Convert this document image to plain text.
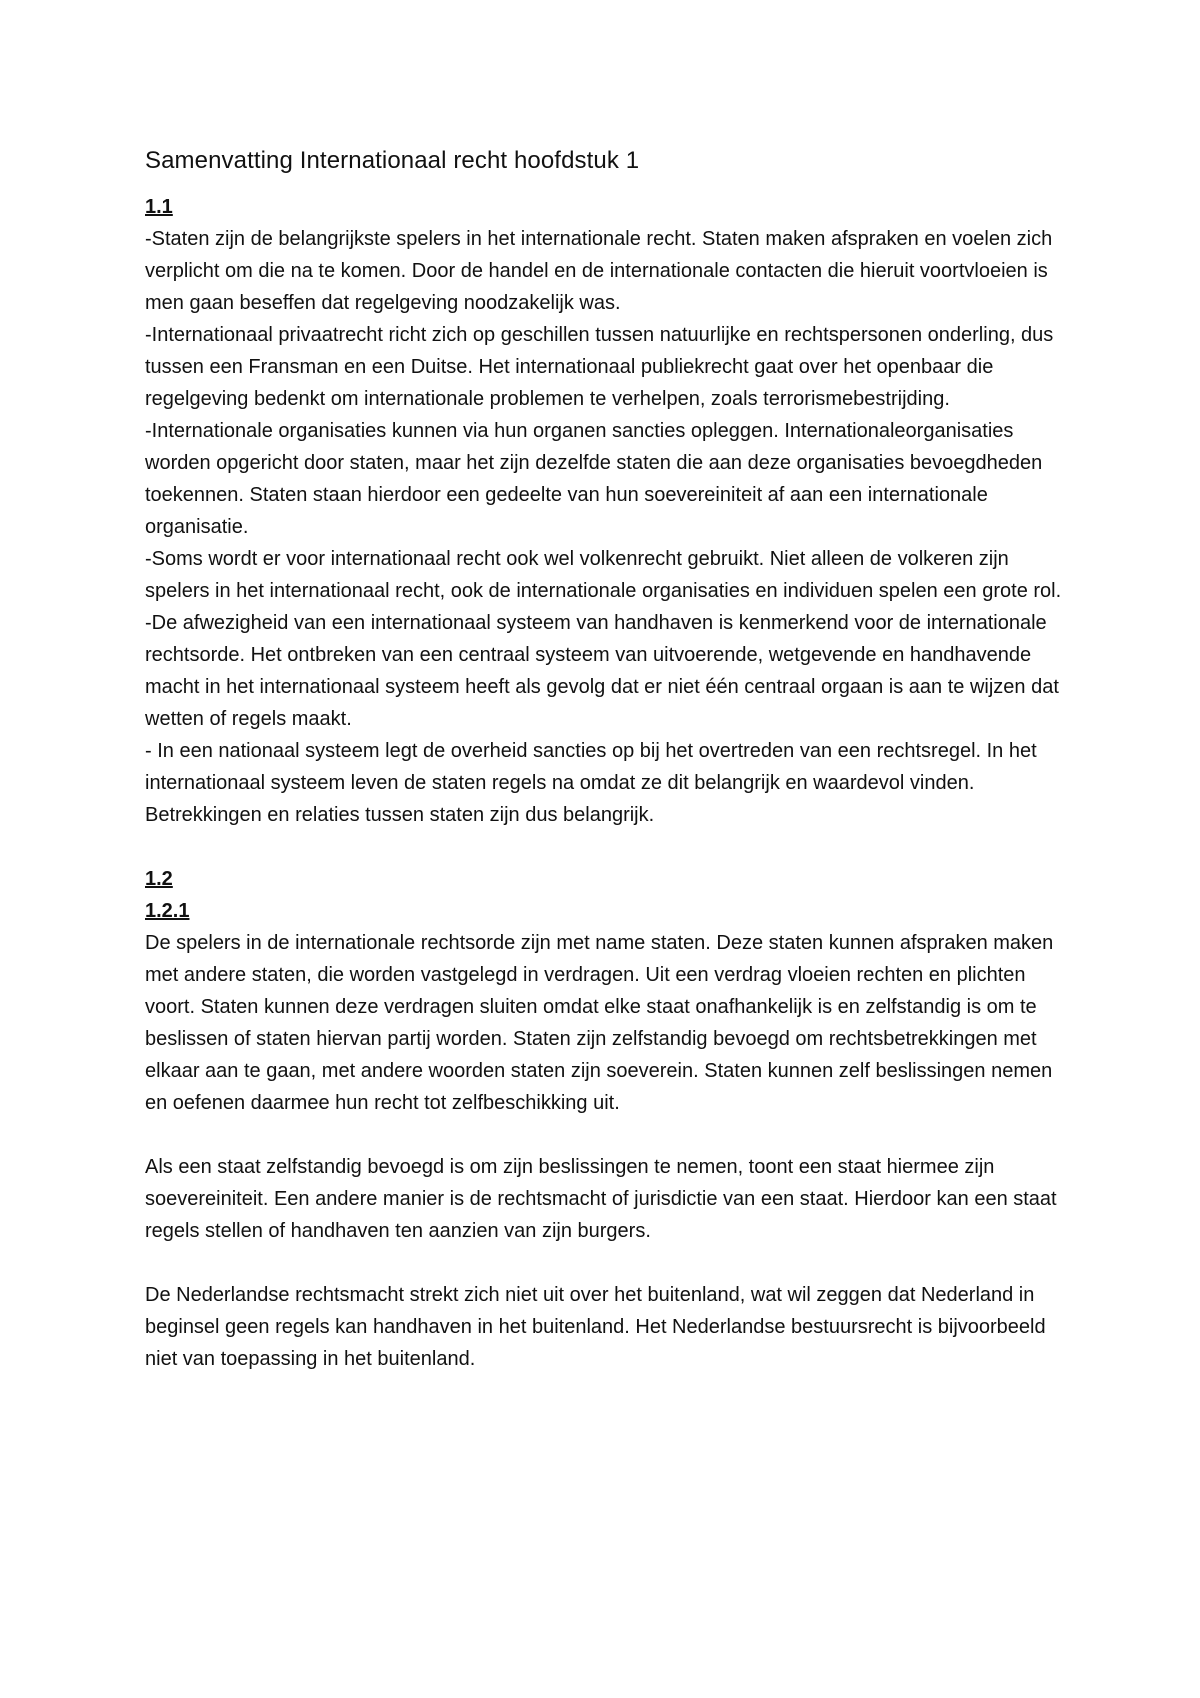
Samenvatting Internationaal recht hoofdstuk 1

1.1

-Staten zijn de belangrijkste spelers in het internationale recht. Staten maken afspraken en voelen zich verplicht om die na te komen. Door de handel en de internationale contacten die hieruit voortvloeien is men gaan beseffen dat regelgeving noodzakelijk was.

-Internationaal privaatrecht richt zich op geschillen tussen natuurlijke en rechtspersonen onderling, dus tussen een Fransman en een Duitse. Het internationaal publiekrecht gaat over het openbaar die regelgeving bedenkt om internationale problemen te verhelpen, zoals terrorismebestrijding.

-Internationale organisaties kunnen via hun organen sancties opleggen. Internationaleorganisaties worden opgericht door staten, maar het zijn dezelfde staten die aan deze organisaties bevoegdheden toekennen. Staten staan hierdoor een gedeelte van hun soevereiniteit af aan een internationale organisatie.

-Soms wordt er voor internationaal recht ook wel volkenrecht gebruikt. Niet alleen de volkeren zijn spelers in het internationaal recht, ook de internationale organisaties en individuen spelen een grote rol.

-De afwezigheid van een internationaal systeem van handhaven is kenmerkend voor de internationale rechtsorde. Het ontbreken van een centraal systeem van uitvoerende, wetgevende en handhavende macht in het internationaal systeem heeft als gevolg dat er niet één centraal orgaan is aan te wijzen dat wetten of regels maakt.

- In een nationaal systeem legt de overheid sancties op bij het overtreden van een rechtsregel. In het internationaal systeem leven de staten regels na omdat ze dit belangrijk en waardevol vinden. Betrekkingen en relaties tussen staten zijn dus belangrijk.

1.2

1.2.1

De spelers in de internationale rechtsorde zijn met name staten. Deze staten kunnen afspraken maken met andere staten, die worden vastgelegd in verdragen. Uit een verdrag vloeien rechten en plichten voort. Staten kunnen deze verdragen sluiten omdat elke staat onafhankelijk is en zelfstandig is om te beslissen of staten hiervan partij worden. Staten zijn zelfstandig bevoegd om rechtsbetrekkingen met elkaar aan te gaan, met andere woorden staten zijn soeverein. Staten kunnen zelf beslissingen nemen en oefenen daarmee hun recht tot zelfbeschikking uit.

Als een staat zelfstandig bevoegd is om zijn beslissingen te nemen, toont een staat hiermee zijn soevereiniteit. Een andere manier is de rechtsmacht of jurisdictie van een staat. Hierdoor kan een staat regels stellen of handhaven ten aanzien van zijn burgers.

De Nederlandse rechtsmacht strekt zich niet uit over het buitenland, wat wil zeggen dat Nederland in beginsel geen regels kan handhaven in het buitenland. Het Nederlandse bestuursrecht is bijvoorbeeld niet van toepassing in het buitenland.
